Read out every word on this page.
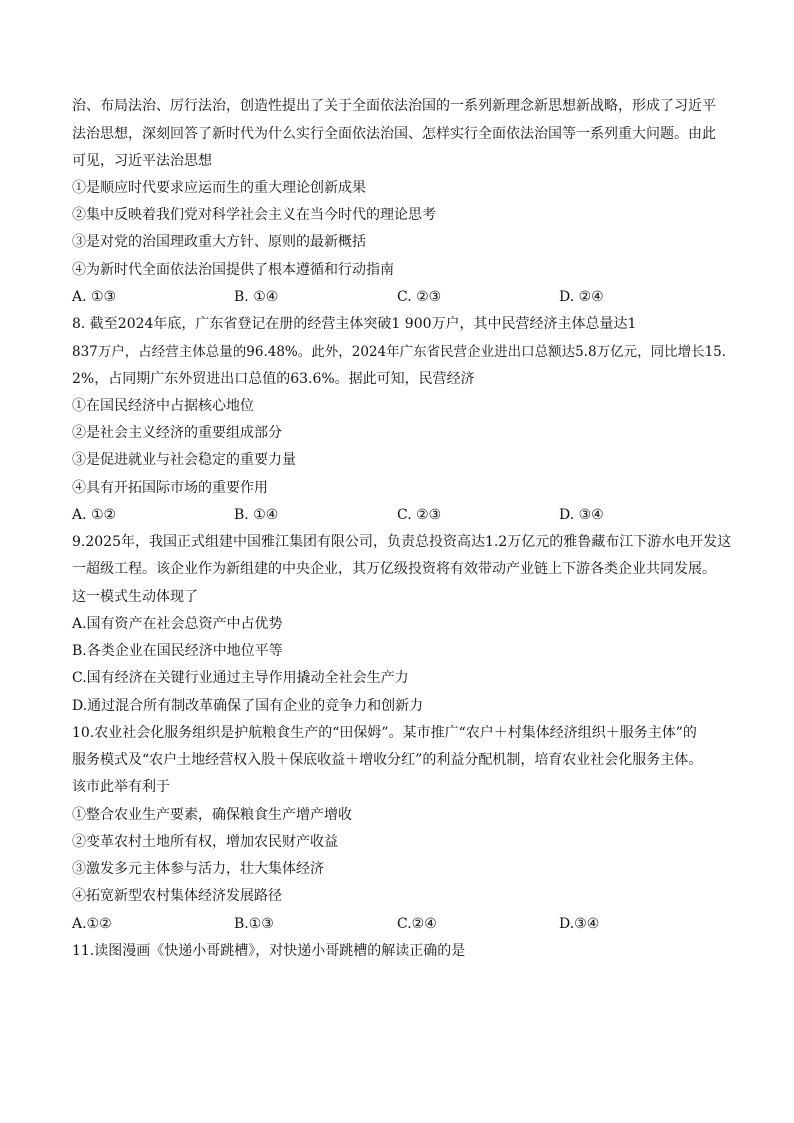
治、布局法治、厉行法治，创造性提出了关于全面依法治国的一系列新理念新思想新战略，形成了习近平
法治思想，深刻回答了新时代为什么实行全面依法治国、怎样实行全面依法治国等一系列重大问题。由此
可见，习近平法治思想
①是顺应时代要求应运而生的重大理论创新成果
②集中反映着我们党对科学社会主义在当今时代的理论思考
③是对党的治国理政重大方针、原则的最新概括
④为新时代全面依法治国提供了根本遵循和行动指南
A. ①③	B. ①④	C. ②③	D. ②④
8. 截至2024年底，广东省登记在册的经营主体突破1 900万户，其中民营经济主体总量达1
837万户，占经营主体总量的96.48%。此外，2024年广东省民营企业进出口总额达5.8万亿元，同比增长15.
2%，占同期广东外贸进出口总值的63.6%。据此可知，民营经济
①在国民经济中占据核心地位
②是社会主义经济的重要组成部分
③是促进就业与社会稳定的重要力量
④具有开拓国际市场的重要作用
A. ①②	B. ①④	C. ②③	D. ③④
9.2025年，我国正式组建中国雅江集团有限公司，负责总投资高达1.2万亿元的雅鲁藏布江下游水电开发这
一超级工程。该企业作为新组建的中央企业，其万亿级投资将有效带动产业链上下游各类企业共同发展。
这一模式生动体现了
A.国有资产在社会总资产中占优势
B.各类企业在国民经济中地位平等
C.国有经济在关键行业通过主导作用撬动全社会生产力
D.通过混合所有制改革确保了国有企业的竞争力和创新力
10.农业社会化服务组织是护航粮食生产的“田保姆”。某市推广“农户＋村集体经济组织＋服务主体”的
服务模式及“农户土地经营权入股＋保底收益＋增收分红”的利益分配机制，培育农业社会化服务主体。
该市此举有利于
①整合农业生产要素，确保粮食生产增产增收
②变革农村土地所有权，增加农民财产收益
③激发多元主体参与活力，壮大集体经济
④拓宽新型农村集体经济发展路径
A.①②	B.①③	C.②④	D.③④
11.读图漫画《快递小哥跳槽》，对快递小哥跳槽的解读正确的是
